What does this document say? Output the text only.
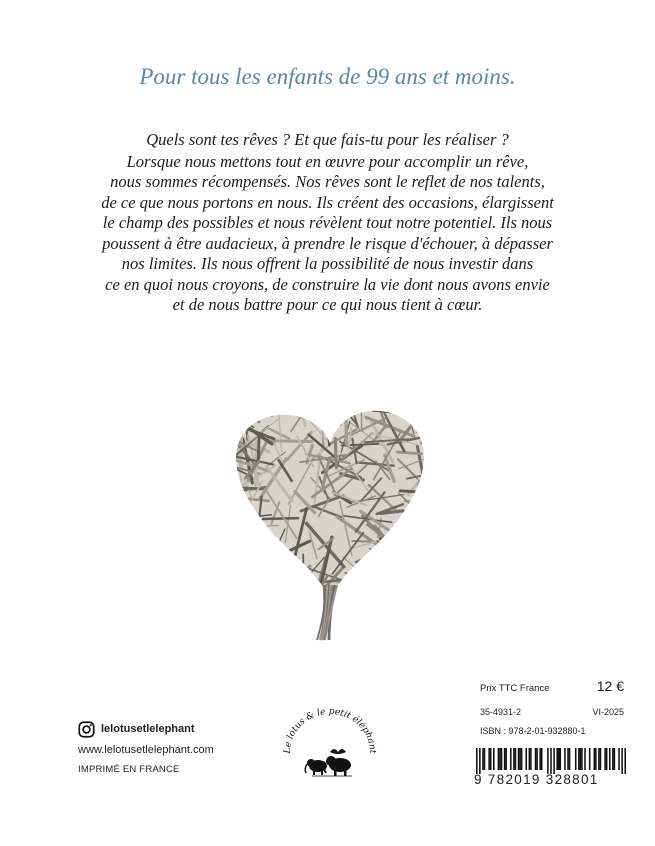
Pour tous les enfants de 99 ans et moins.
Quels sont tes rêves ? Et que fais-tu pour les réaliser ?
Lorsque nous mettons tout en œuvre pour accomplir un rêve,
nous sommes récompensés. Nos rêves sont le reflet de nos talents,
de ce que nous portons en nous. Ils créent des occasions, élargissent
le champ des possibles et nous révèlent tout notre potentiel. Ils nous
poussent à être audacieux, à prendre le risque d'échouer, à dépasser
nos limites. Ils nous offrent la possibilité de nous investir dans
ce en quoi nous croyons, de construire la vie dont nous avons envie
et de nous battre pour ce qui nous tient à cœur.
lelotusetlelephant
www.lelotusetlelephant.com
IMPRIMÉ EN FRANCE
Le lotus & le petit éléphant
Prix TTC France	12 €
35-4931-2	VI-2025
ISBN : 978-2-01-932880-1
9 782019 328801
